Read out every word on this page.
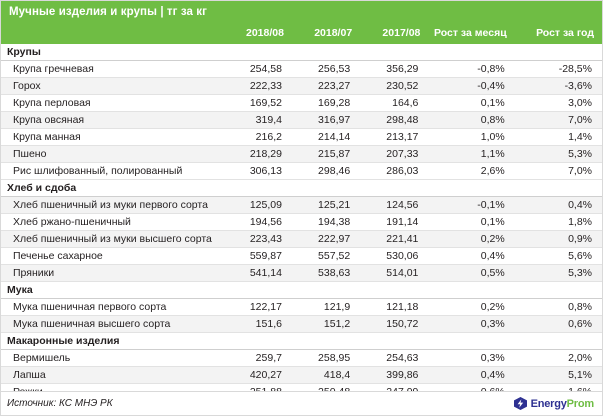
Мучные изделия и крупы | тг за кг
	2018/08	2018/07	2017/08	Рост за месяц	Рост за год
Крупы					
Крупа гречневая	254,58	256,53	356,29	-0,8%	-28,5%
Горох	222,33	223,27	230,52	-0,4%	-3,6%
Крупа перловая	169,52	169,28	164,6	0,1%	3,0%
Крупа овсяная	319,4	316,97	298,48	0,8%	7,0%
Крупа манная	216,2	214,14	213,17	1,0%	1,4%
Пшено	218,29	215,87	207,33	1,1%	5,3%
Рис шлифованный, полированный	306,13	298,46	286,03	2,6%	7,0%
Хлеб и сдоба					
Хлеб пшеничный из муки первого сорта	125,09	125,21	124,56	-0,1%	0,4%
Хлеб ржано-пшеничный	194,56	194,38	191,14	0,1%	1,8%
Хлеб пшеничный из муки высшего сорта	223,43	222,97	221,41	0,2%	0,9%
Печенье сахарное	559,87	557,52	530,06	0,4%	5,6%
Пряники	541,14	538,63	514,01	0,5%	5,3%
Мука					
Мука пшеничная первого сорта	122,17	121,9	121,18	0,2%	0,8%
Мука пшеничная высшего сорта	151,6	151,2	150,72	0,3%	0,6%
Макаронные изделия					
Вермишель	259,7	258,95	254,63	0,3%	2,0%
Лапша	420,27	418,4	399,86	0,4%	5,1%

Источник: КС МНЭ РК	EnergyProm
